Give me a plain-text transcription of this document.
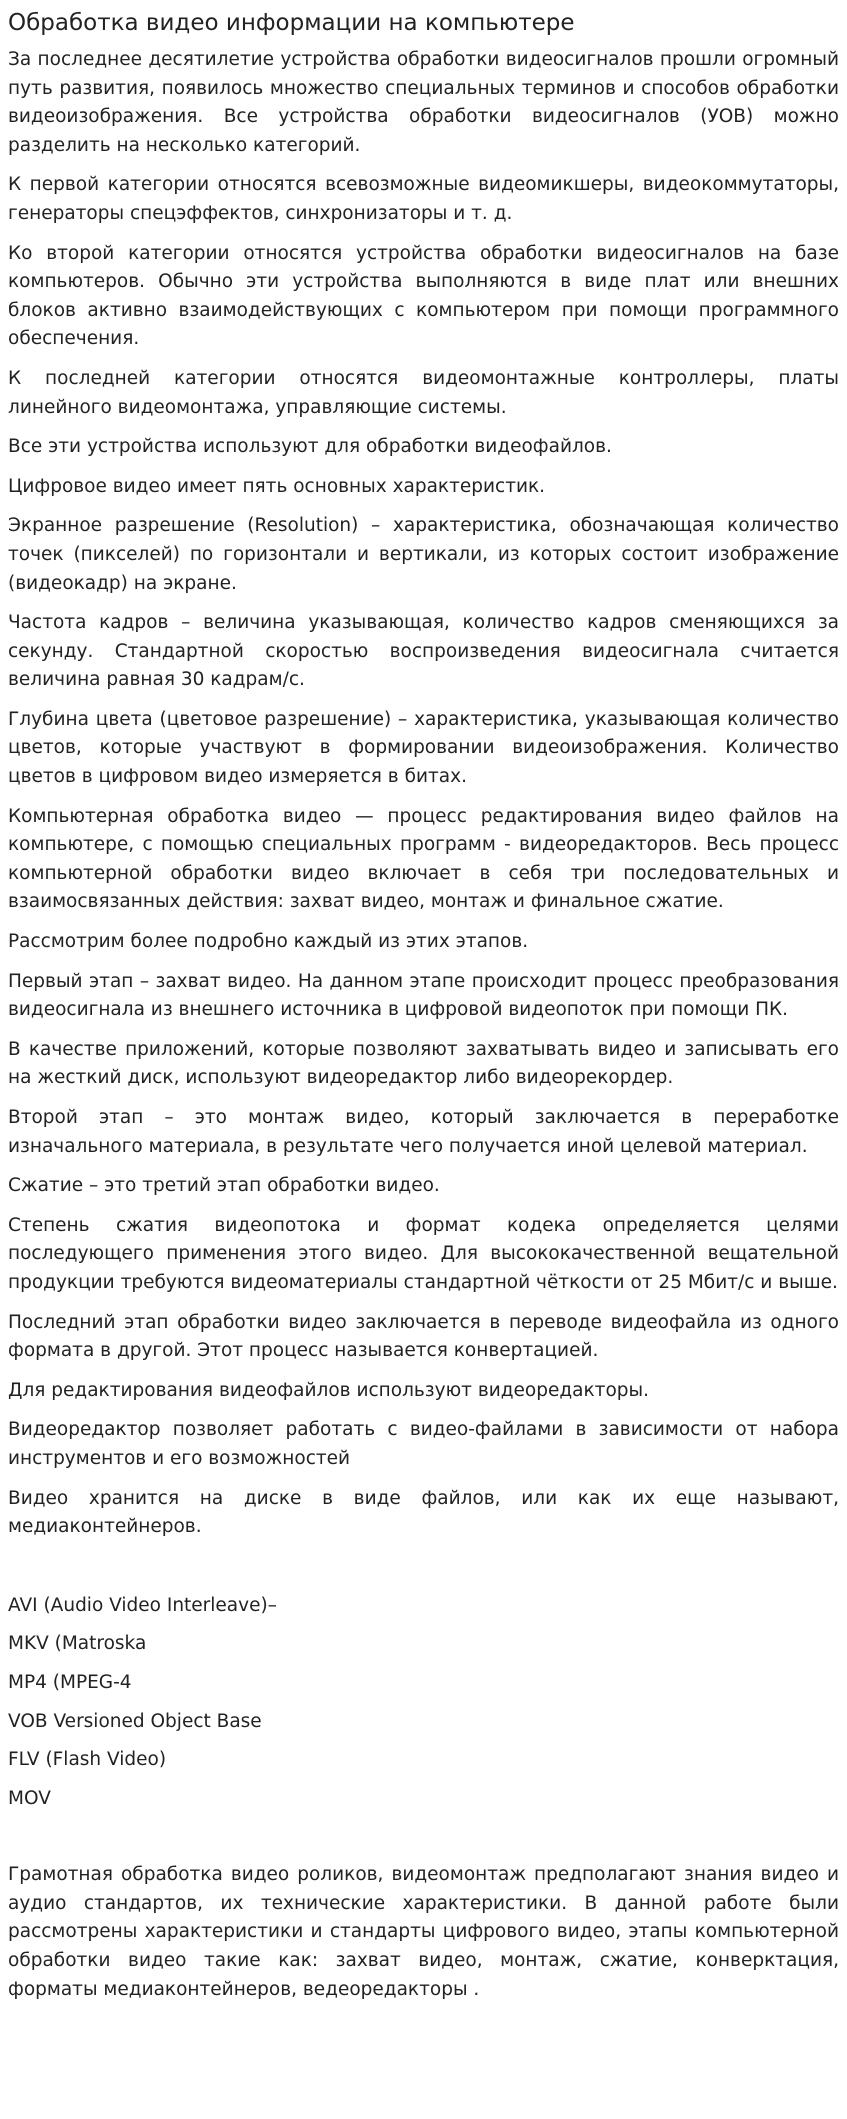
Обработка видео информации на компьютере

За последнее десятилетие устройства обработки видеосигналов прошли огромный путь развития, появилось множество специальных терминов и способов обработки видеоизображения. Все устройства обработки видеосигналов (УОВ) можно разделить на несколько категорий.

К первой категории относятся всевозможные видеомикшеры, видеокоммутаторы, генераторы спецэффектов, синхронизаторы и т. д.

Ко второй категории относятся устройства обработки видеосигналов на базе компьютеров. Обычно эти устройства выполняются в виде плат или внешних блоков активно взаимодействующих с компьютером при помощи программного обеспечения.

К последней категории относятся видеомонтажные контроллеры, платы линейного видеомонтажа, управляющие системы.

Все эти устройства используют для обработки видеофайлов.

Цифровое видео имеет пять основных характеристик.

Экранное разрешение (Resolution) – характеристика, обозначающая количество точек (пикселей) по горизонтали и вертикали, из которых состоит изображение (видеокадр) на экране.

Частота кадров – величина указывающая, количество кадров сменяющихся за секунду. Стандартной скоростью воспроизведения видеосигнала считается величина равная 30 кадрам/с.

Глубина цвета (цветовое разрешение) – характеристика, указывающая количество цветов, которые участвуют в формировании видеоизображения. Количество цветов в цифровом видео измеряется в битах.

Компьютерная обработка видео — процесс редактирования видео файлов на компьютере, с помощью специальных программ - видеоредакторов. Весь процесс компьютерной обработки видео включает в себя три последовательных и взаимосвязанных действия: захват видео, монтаж и финальное сжатие.

Рассмотрим более подробно каждый из этих этапов.

Первый этап – захват видео. На данном этапе происходит процесс преобразования видеосигнала из внешнего источника в цифровой видеопоток при помощи ПК.

В качестве приложений, которые позволяют захватывать видео и записывать его на жесткий диск, используют видеоредактор либо видеорекордер.

Второй этап – это монтаж видео, который заключается в переработке изначального материала, в результате чего получается иной целевой материал.

Сжатие – это третий этап обработки видео.

Степень сжатия видеопотока и формат кодека определяется целями последующего применения этого видео. Для высококачественной вещательной продукции требуются видеоматериалы стандартной чёткости от 25 Мбит/с и выше.

Последний этап обработки видео заключается в переводе видеофайла из одного формата в другой. Этот процесс называется конвертацией.

Для редактирования видеофайлов используют видеоредакторы.

Видеоредактор позволяет работать с видео-файлами в зависимости от набора инструментов и его возможностей

Видео хранится на диске в виде файлов, или как их еще называют, медиаконтейнеров.

AVI (Audio Video Interleave)–
MKV (Matroska
MP4 (MPEG-4
VOB Versioned Object Base
FLV (Flash Video)
MOV

Грамотная обработка видео роликов, видеомонтаж предполагают знания видео и аудио стандартов, их технические характеристики. В данной работе были рассмотрены характеристики и стандарты цифрового видео, этапы компьютерной обработки видео такие как: захват видео, монтаж, сжатие, конверктация, форматы медиаконтейнеров, ведеоредакторы .
